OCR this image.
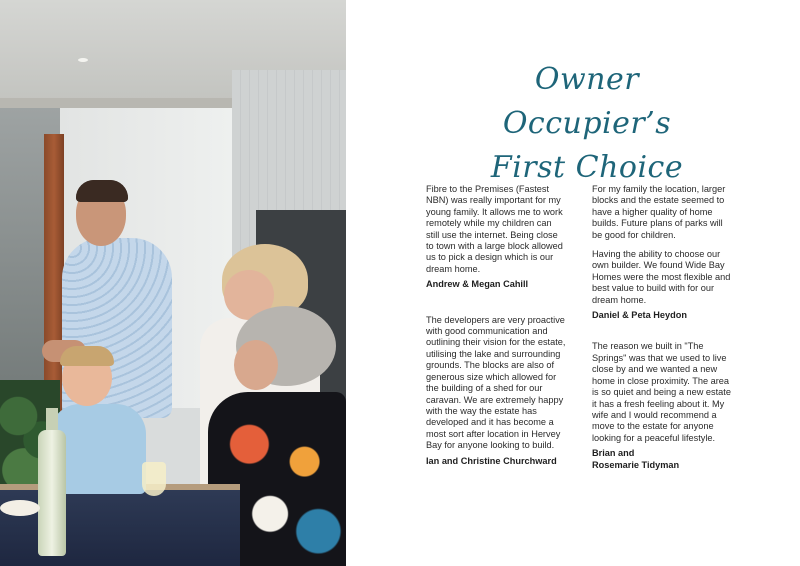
Owner Occupier’s
First Choice

Fibre to the Premises (Fastest NBN) was really important for my young family. It allows me to work remotely while my children can still use the internet. Being close to town with a large block allowed us to pick a design which is our dream home.

Andrew & Megan Cahill

The developers are very proactive with good communication and outlining their vision for the estate, utilising the lake and surrounding grounds. The blocks are also of generous size which allowed for the building of a shed for our caravan. We are extremely happy with the way the estate has developed and it has become a most sort after location in Hervey Bay for anyone looking to build.

Ian and Christine Churchward

For my family the location, larger blocks and the estate seemed to have a higher quality of home builds. Future plans of parks will be good for children.

Having the ability to choose our own builder. We found Wide Bay Homes were the most flexible and best value to build with for our dream home.

Daniel & Peta Heydon

The reason we built in "The Springs" was that we used to live close by and we wanted a new home in close proximity. The area is so quiet and being a new estate it has a fresh feeling about it. My wife and I would recommend a move to the estate for anyone looking for a peaceful lifestyle.

Brian and
Rosemarie Tidyman
